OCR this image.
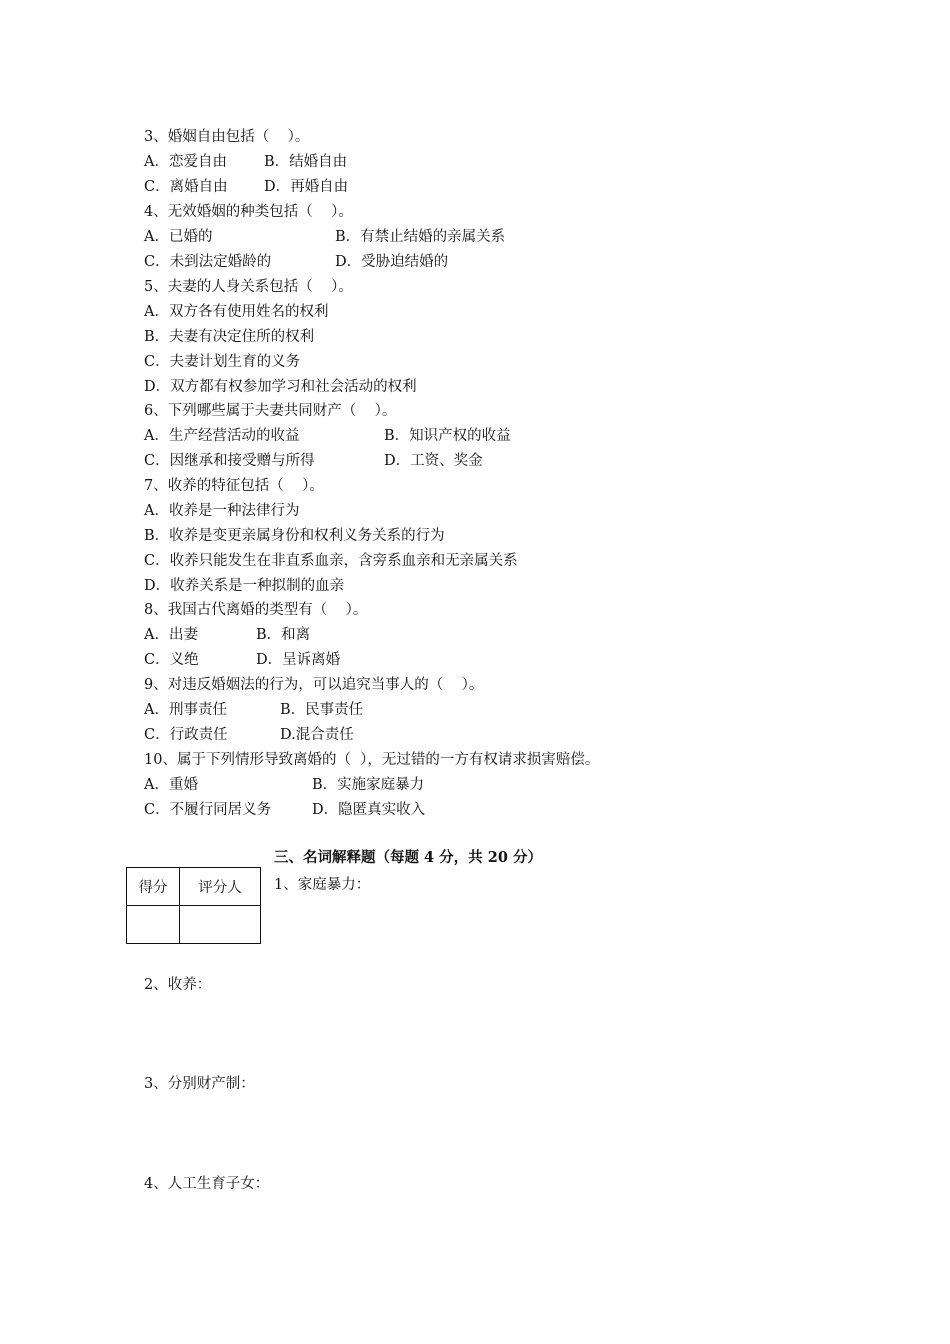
3、婚姻自由包括（    ）。
A．恋爱自由	B．结婚自由
C．离婚自由	D．再婚自由
4、无效婚姻的种类包括（    ）。
A．已婚的	B．有禁止结婚的亲属关系
C．未到法定婚龄的	D．受胁迫结婚的
5、夫妻的人身关系包括（    ）。
A．双方各有使用姓名的权利
B．夫妻有决定住所的权利
C．夫妻计划生育的义务
D．双方都有权参加学习和社会活动的权利
6、下列哪些属于夫妻共同财产（    ）。
A．生产经营活动的收益	B．知识产权的收益
C．因继承和接受赠与所得	D．工资、奖金
7、收养的特征包括（    ）。
A．收养是一种法律行为
B．收养是变更亲属身份和权利义务关系的行为
C．收养只能发生在非直系血亲，含旁系血亲和无亲属关系
D．收养关系是一种拟制的血亲
8、我国古代离婚的类型有（    ）。
A．出妻	B．和离
C．义绝	D．呈诉离婚
9、对违反婚姻法的行为，可以追究当事人的（    ）。
A．刑事责任	B．民事责任
C．行政责任	D.混合责任
10、属于下列情形导致离婚的（  ），无过错的一方有权请求损害赔偿。
A．重婚	B．实施家庭暴力
C．不履行同居义务	D．隐匿真实收入
三、名词解释题（每题 4 分，共 20 分）
得分	评分人
	1、家庭暴力：
2、收养：
3、分别财产制：
4、人工生育子女：
